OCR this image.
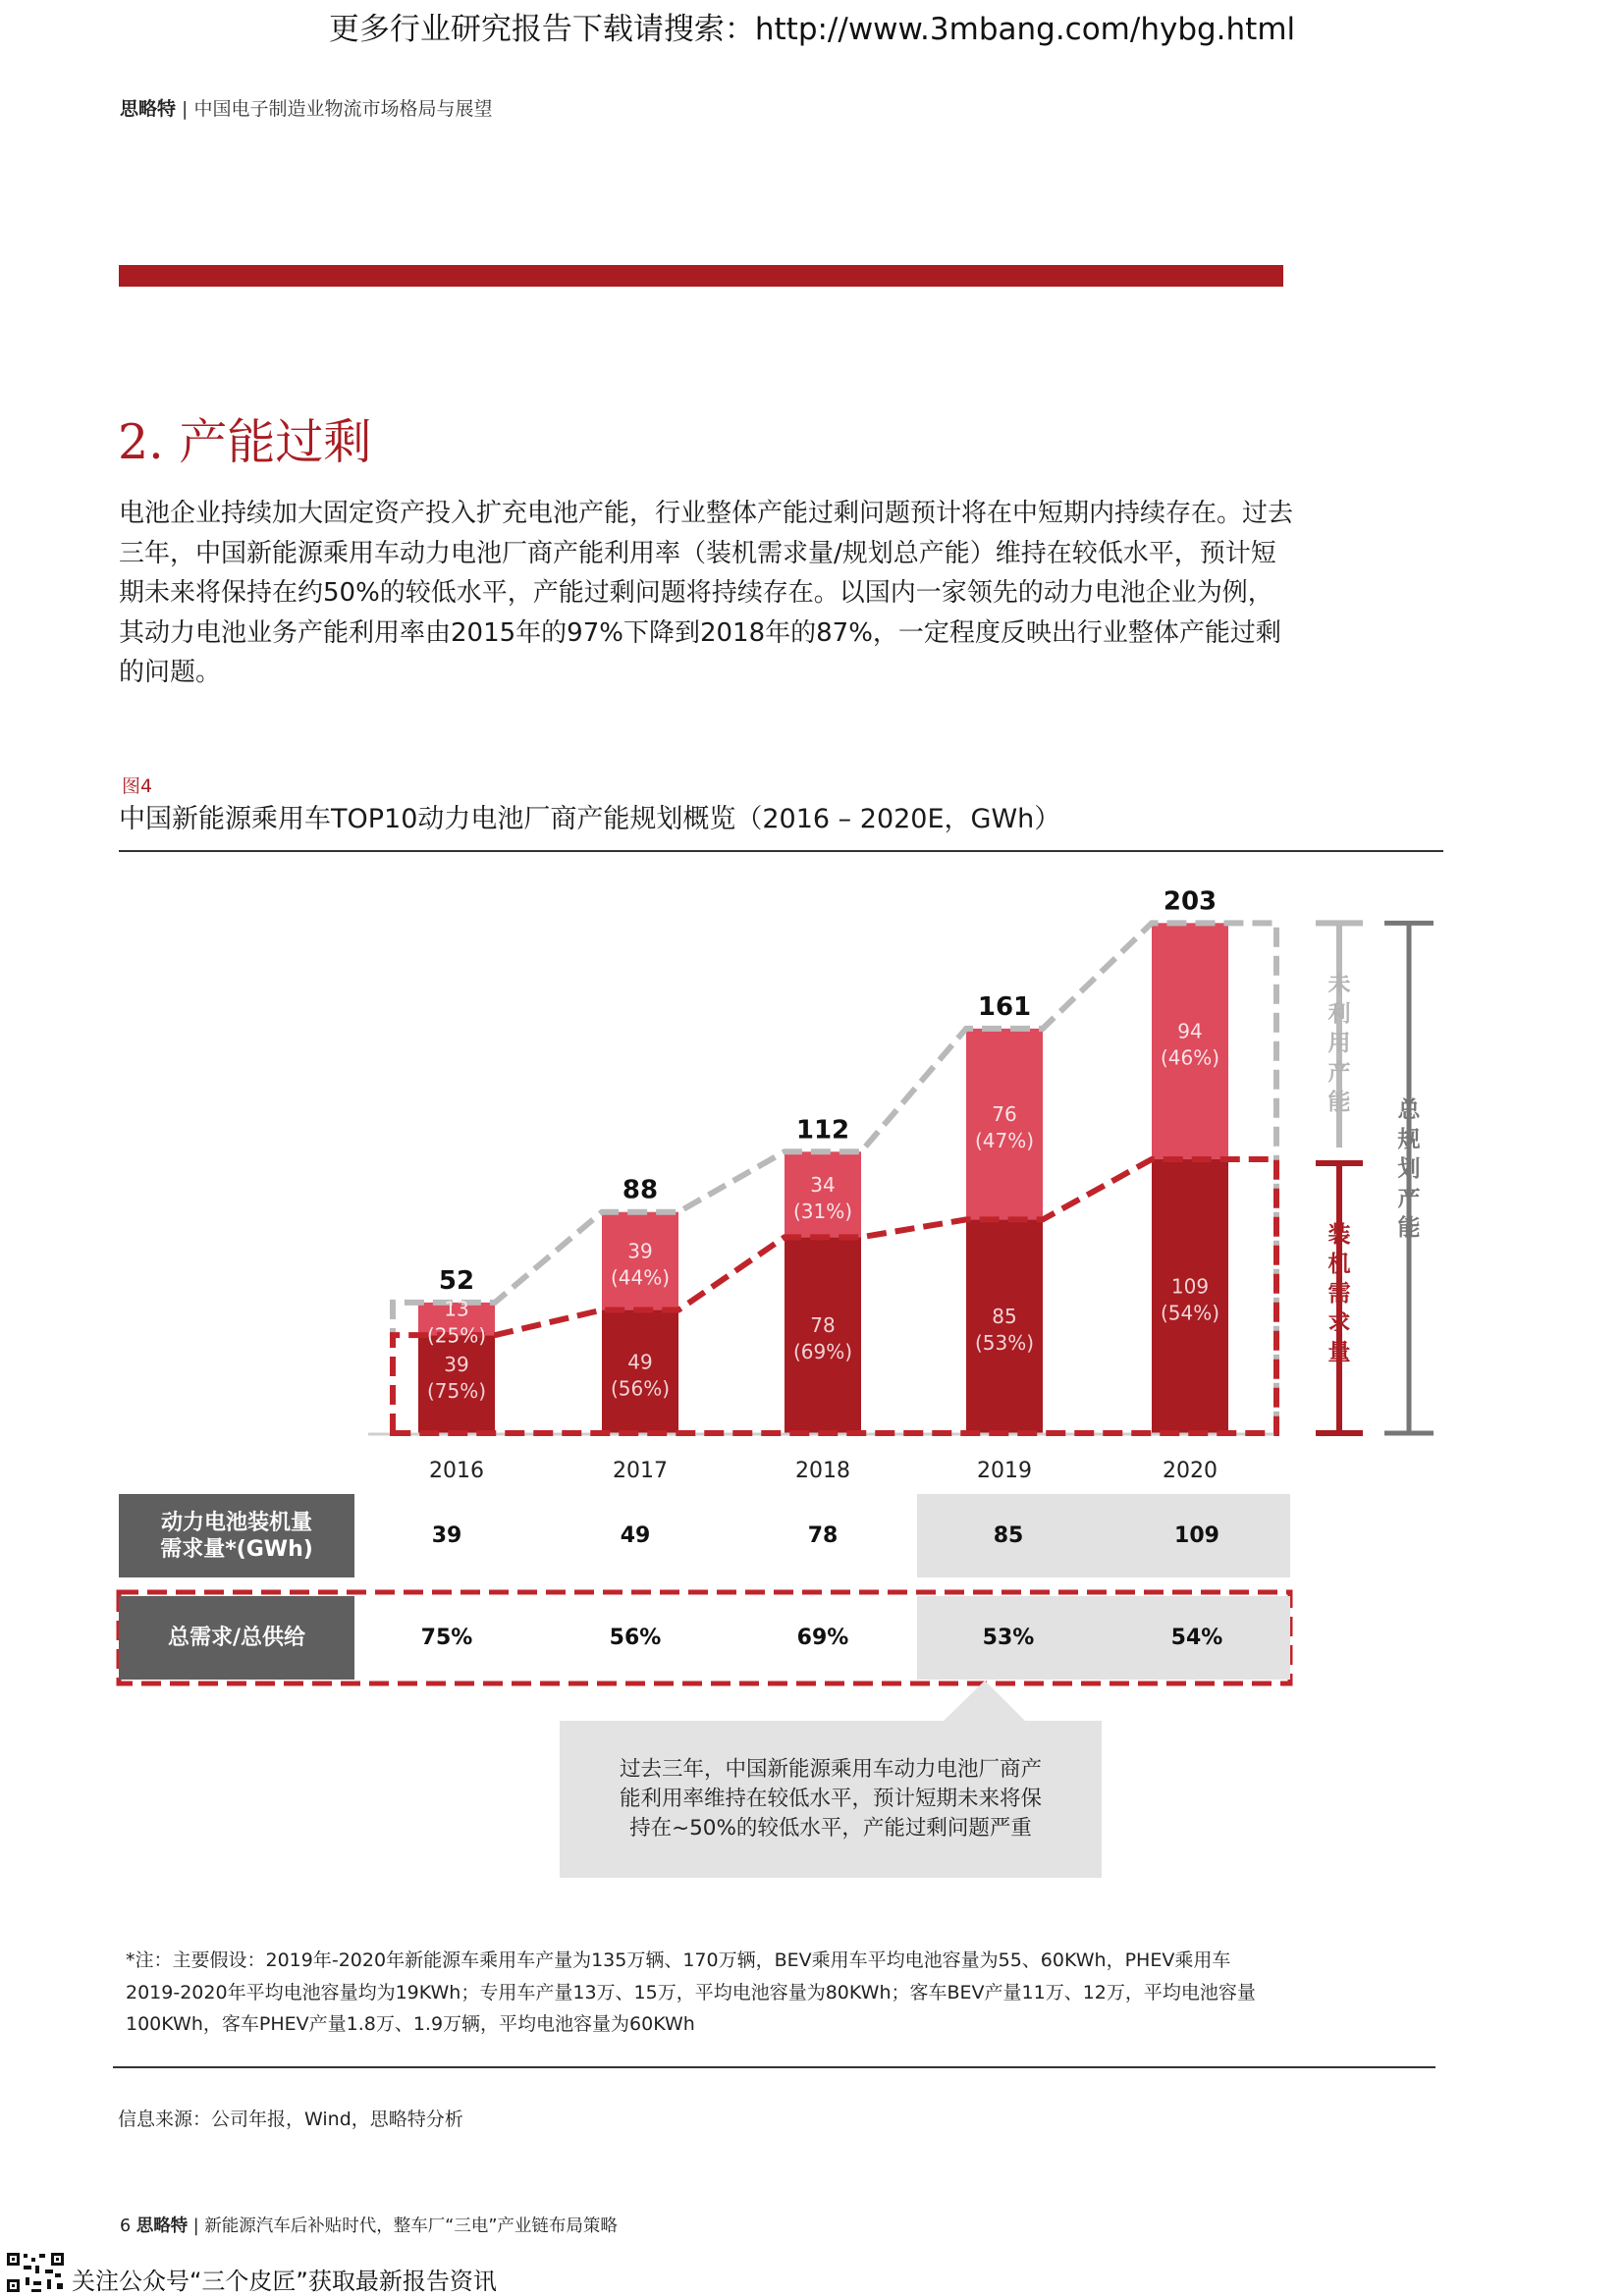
更多行业研究报告下载请搜索：http://www.3mbang.com/hybg.html
思略特 | 中国电子制造业物流市场格局与展望
2. 产能过剩
电池企业持续加大固定资产投入扩充电池产能，行业整体产能过剩问题预计将在中短期内持续存在。过去三年，中国新能源乘用车动力电池厂商产能利用率（装机需求量/规划总产能）维持在较低水平，预计短期未来将保持在约50%的较低水平，产能过剩问题将持续存在。以国内一家领先的动力电池企业为例，其动力电池业务产能利用率由2015年的97%下降到2018年的87%，一定程度反映出行业整体产能过剩的问题。
图4
中国新能源乘用车TOP10动力电池厂商产能规划概览（2016 – 2020E，GWh）
13
(25%)
39
(75%)
52
2016
39
(44%)
49
(56%)
88
2017
34
(31%)
78
(69%)
112
2018
76
(47%)
85
(53%)
161
2019
94
(46%)
109
(54%)
203
2020
未利用产能
装机需求量
总规划产能
动力电池装机量
需求量*(GWh)
总需求/总供给
39	49	78	85	109
75%	56%	69%	53%	54%
过去三年，中国新能源乘用车动力电池厂商产
能利用率维持在较低水平，预计短期未来将保
持在~50%的较低水平，产能过剩问题严重
*注：主要假设：2019年-2020年新能源车乘用车产量为135万辆、170万辆，BEV乘用车平均电池容量为55、60KWh，PHEV乘用车
2019-2020年平均电池容量均为19KWh；专用车产量13万、15万，平均电池容量为80KWh；客车BEV产量11万、12万，平均电池容量
100KWh，客车PHEV产量1.8万、1.9万辆，平均电池容量为60KWh
信息来源：公司年报，Wind，思略特分析
6 思略特 | 新能源汽车后补贴时代，整车厂“三电”产业链布局策略
关注公众号“三个皮匠”获取最新报告资讯
